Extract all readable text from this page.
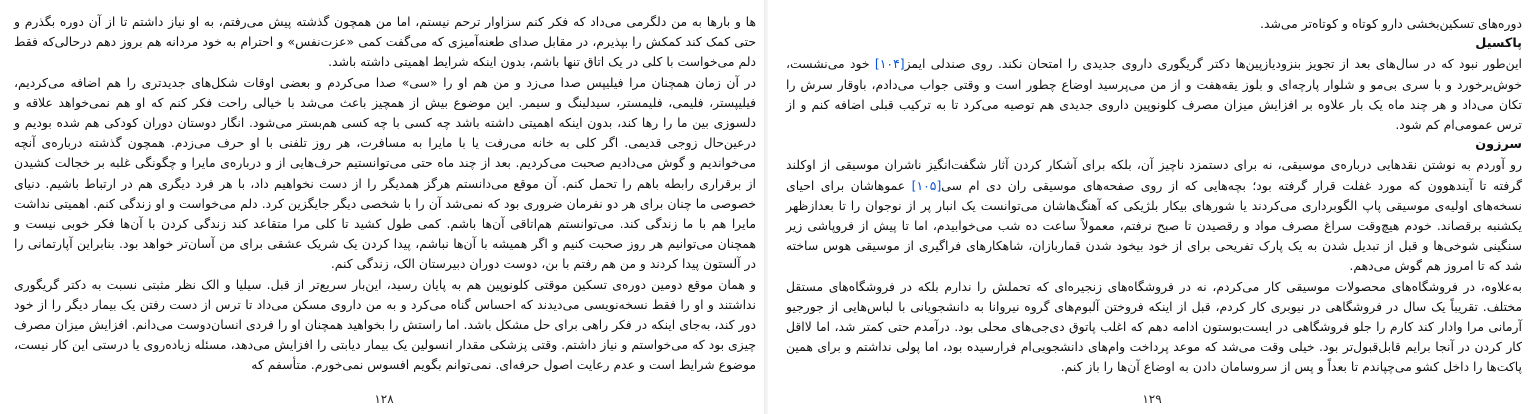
ها و بارها به من دلگرمی می‌داد که فکر کنم سزاوار ترحم نیستم، اما من همچون گذشته پیش می‌رفتم، به او نیاز داشتم تا از آن دوره بگذرم و حتی کمک کند کمکش را بپذیرم، در مقابل صدای طعنه‌آمیزی که می‌گفت کمی «عزت‌نفس» و احترام به خود مردانه هم بروز دهم درحالی‌که فقط دلم می‌خواست با کلی در یک اتاق تنها باشم، بدون اینکه شرایط اهمیتی داشته باشد.

در آن زمان همچنان مرا فیلیپس صدا می‌زد و من هم او را «سی» صدا می‌کردم و بعضی اوقات شکل‌های جدیدتری را هم اضافه می‌کردیم، فیلیپستر، فلیمی، فلیمستر، سیدلینگ و سیمر. این موضوع بیش از همچیز باعث می‌شد با خیالی راحت فکر کنم که او هم نمی‌خواهد علاقه و دلسوزی بین ما را رها کند، بدون اینکه اهمیتی داشته باشد چه کسی با چه کسی هم‌بستر می‌شود. انگار دوستان دوران کودکی هم شده بودیم و درعین‌حال زوجی قدیمی. اگر کلی به خانه می‌رفت یا با مایرا به مسافرت، هر روز تلفنی با او حرف می‌زدم. همچون گذشته درباره‌ی آنچه می‌خواندیم و گوش می‌دادیم صحبت می‌کردیم. بعد از چند ماه حتی می‌توانستیم حرف‌هایی از و درباره‌ی مایرا و چگونگی غلبه بر خجالت کشیدن از برقراری رابطه باهم را تحمل کنم. آن موقع می‌دانستم هرگز همدیگر را از دست نخواهیم داد، با هر فرد دیگری هم در ارتباط باشیم. دنیای خصوصی ما چنان برای هر دو نفرمان ضروری بود که نمی‌شد آن را با شخصی دیگر جایگزین کرد. دلم می‌خواست و او زندگی کنم. اهمیتی نداشت مایرا هم با ما زندگی کند. می‌توانستم هم‌اتاقی آن‌ها باشم. کمی طول کشید تا کلی مرا متقاعد کند زندگی کردن با آن‌ها فکر خوبی نیست و همچنان می‌توانیم هر روز صحبت کنیم و اگر همیشه با آن‌ها نباشم، پیدا کردن یک شریک عشقی برای من آسان‌تر خواهد بود. بنابراین آپارتمانی را در آلستون پیدا کردند و من هم رفتم با بن، دوست دوران دبیرستان الک، زندگی کنم.

و همان موقع دومین دوره‌ی تسکین موقتی کلونوپین هم به پایان رسید، این‌بار سریع‌تر از قبل. سیلیا و الک نظر مثبتی نسبت به دکتر گریگوری نداشتند و او را فقط نسخه‌نویسی می‌دیدند که احساس گناه می‌کرد و به من داروی مسکن می‌داد تا ترس از دست رفتن یک بیمار دیگر را از خود دور کند، به‌جای اینکه در فکر راهی برای حل مشکل باشد. اما راستش را بخواهید همچنان او را فردی انسان‌دوست می‌دانم. افزایش میزان مصرف چیزی بود که می‌خواستم و نیاز داشتم. وقتی پزشکی مقدار انسولین یک بیمار دیابتی را افزایش می‌دهد، مسئله زیاده‌روی یا درستی این کار نیست، موضوع شرایط است و عدم رعایت اصول حرفه‌ای. نمی‌توانم بگویم افسوس نمی‌خورم. متأسفم که

۱۲۸

دوره‌های تسکین‌بخشی دارو کوتاه و کوتاه‌تر می‌شد.

پاکسیل

این‌طور نبود که در سال‌های بعد از تجویز بنزودیازپین‌ها دکتر گریگوری داروی جدیدی را امتحان نکند. روی صندلی ایمز[۱۰۴] خود می‌نشست، خوش‌برخورد و با سری بی‌مو و شلوار پارچه‌ای و بلوز یقه‌هفت و از من می‌پرسید اوضاع چطور است و وقتی جواب می‌دادم، باوقار سرش را تکان می‌داد و هر چند ماه یک بار علاوه بر افزایش میزان مصرف کلونوپین داروی جدیدی هم توصیه می‌کرد تا به ترکیب قبلی اضافه کنم و از ترس عمومی‌ام کم شود.

سرزون

رو آوردم به نوشتن نقدهایی درباره‌ی موسیقی، نه برای دستمزد ناچیز آن، بلکه برای آشکار کردن آثار شگفت‌انگیز ناشران موسیقی از اوکلند گرفته تا آیندهوون که مورد غفلت قرار گرفته بود؛ بچه‌هایی که از روی صفحه‌های موسیقی ران دی ام سی[۱۰۵] عموهاشان برای احیای نسخه‌های اولیه‌ی موسیقی پاپ الگوبرداری می‌کردند یا شورهای بیکار بلژیکی که آهنگ‌هاشان می‌توانست یک انبار پر از نوجوان را تا بعدازظهر یکشنبه برقصاند. خودم هیچ‌وقت سراغ مصرف مواد و رقصیدن تا صبح نرفتم، معمولاً ساعت ده شب می‌خوابیدم، اما تا پیش از فروپاشی زیر سنگینی شوخی‌ها و قبل از تبدیل شدن به یک پارک تفریحی برای از خود بیخود شدن قماربازان، شاهکارهای فراگیری از موسیقی هوس ساخته شد که تا امروز هم گوش می‌دهم.

به‌علاوه، در فروشگاه‌های محصولات موسیقی کار می‌کردم، نه در فروشگاه‌های زنجیره‌ای که تحملش را ندارم بلکه در فروشگاه‌های مستقل مختلف. تقریباً یک سال در فروشگاهی در نیوبری کار کردم، قبل از اینکه فروختن آلبوم‌های گروه نیروانا به دانشجویانی با لباس‌هایی از جورجیو آرمانی مرا وادار کند کارم را جلو فروشگاهی در ایست‌بوستون ادامه دهم که اغلب پاتوق دی‌جی‌های محلی بود. درآمدم حتی کمتر شد، اما لااقل کار کردن در آنجا برایم قابل‌قبول‌تر بود. خیلی وقت می‌شد که موعد پرداخت وام‌های دانشجویی‌ام فرارسیده بود، اما پولی نداشتم و برای همین پاکت‌ها را داخل کشو می‌چپاندم تا بعداً و پس از سروسامان دادن به اوضاع آن‌ها را باز کنم.

۱۲۹
